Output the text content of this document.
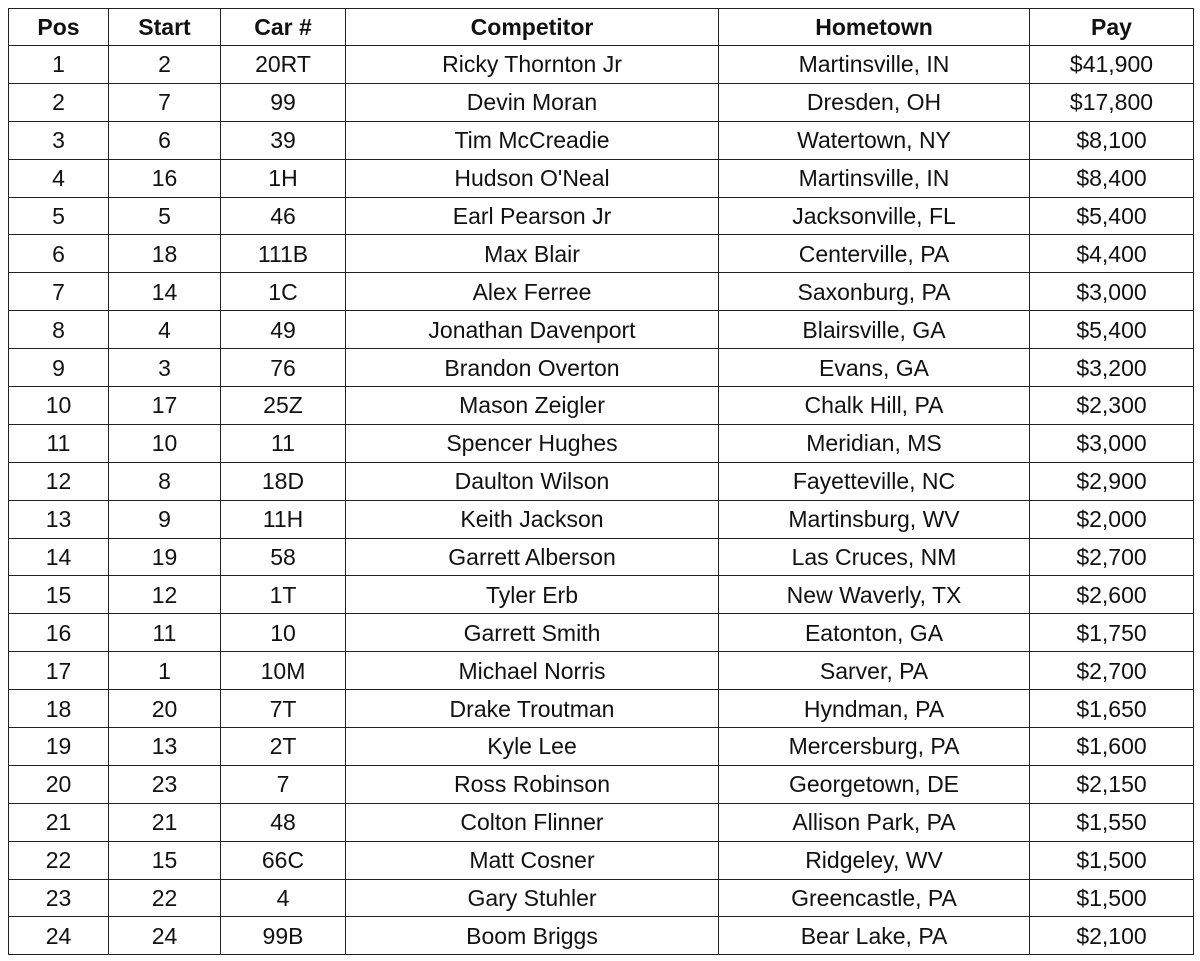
Pos	Start	Car #	Competitor	Hometown	Pay
1	2	20RT	Ricky Thornton Jr	Martinsville, IN	$41,900
2	7	99	Devin Moran	Dresden, OH	$17,800
3	6	39	Tim McCreadie	Watertown, NY	$8,100
4	16	1H	Hudson O'Neal	Martinsville, IN	$8,400
5	5	46	Earl Pearson Jr	Jacksonville, FL	$5,400
6	18	111B	Max Blair	Centerville, PA	$4,400
7	14	1C	Alex Ferree	Saxonburg, PA	$3,000
8	4	49	Jonathan Davenport	Blairsville, GA	$5,400
9	3	76	Brandon Overton	Evans, GA	$3,200
10	17	25Z	Mason Zeigler	Chalk Hill, PA	$2,300
11	10	11	Spencer Hughes	Meridian, MS	$3,000
12	8	18D	Daulton Wilson	Fayetteville, NC	$2,900
13	9	11H	Keith Jackson	Martinsburg, WV	$2,000
14	19	58	Garrett Alberson	Las Cruces, NM	$2,700
15	12	1T	Tyler Erb	New Waverly, TX	$2,600
16	11	10	Garrett Smith	Eatonton, GA	$1,750
17	1	10M	Michael Norris	Sarver, PA	$2,700
18	20	7T	Drake Troutman	Hyndman, PA	$1,650
19	13	2T	Kyle Lee	Mercersburg, PA	$1,600
20	23	7	Ross Robinson	Georgetown, DE	$2,150
21	21	48	Colton Flinner	Allison Park, PA	$1,550
22	15	66C	Matt Cosner	Ridgeley, WV	$1,500
23	22	4	Gary Stuhler	Greencastle, PA	$1,500
24	24	99B	Boom Briggs	Bear Lake, PA	$2,100
